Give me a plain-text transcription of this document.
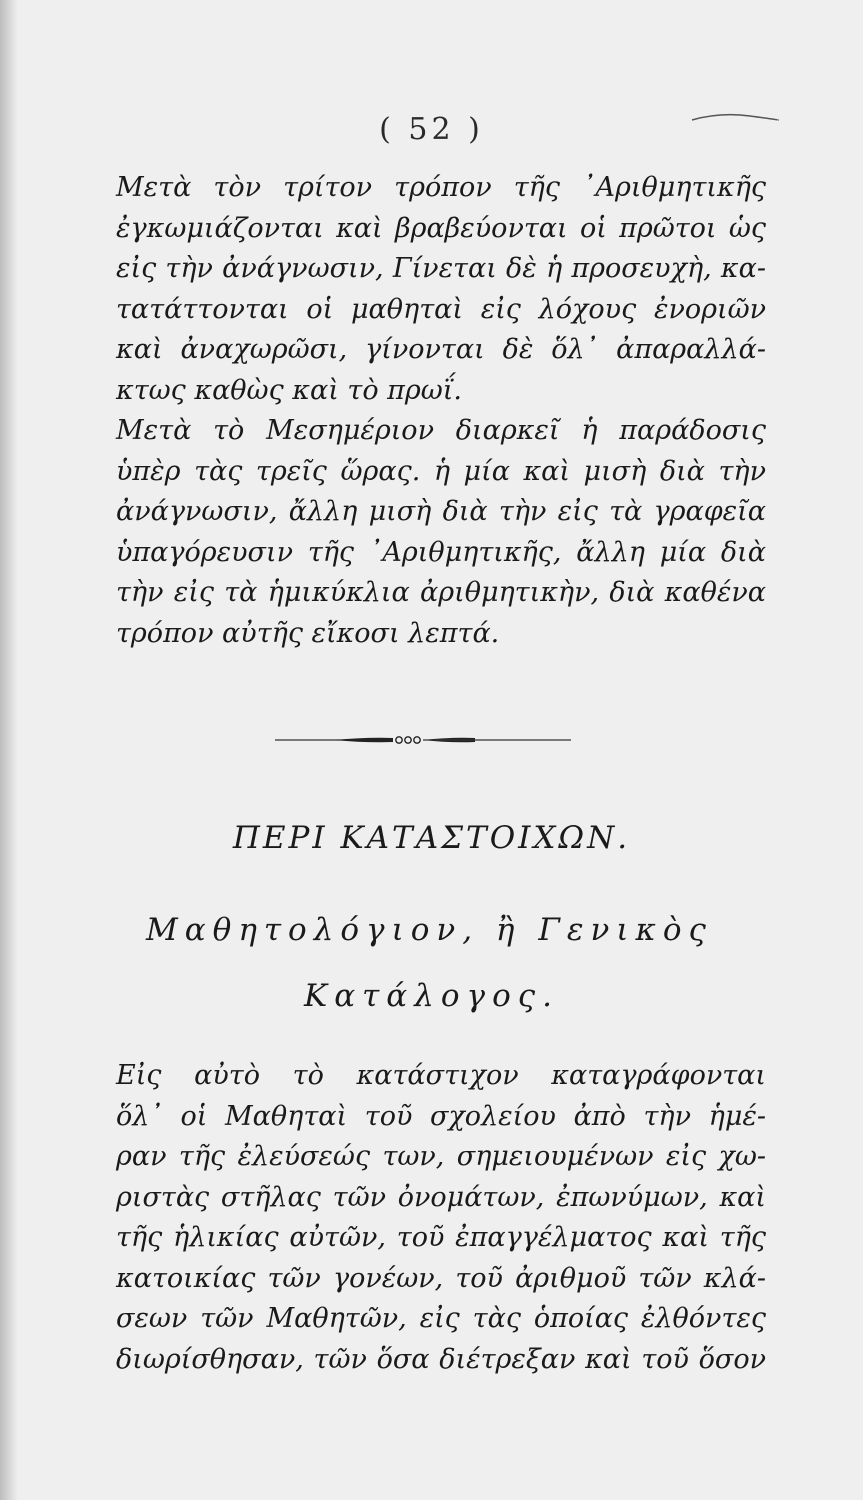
( 52 )

Μετὰ τὸν τρίτον τρόπον τῆς ᾿Αριθμητικῆς
ἐγκωμιάζονται καὶ βραβεύονται οἱ πρῶτοι ὡς
εἰς τὴν ἀνάγνωσιν, Γίνεται δὲ ἡ προσευχὴ, κα-
τατάττονται οἱ μαθηταὶ εἰς λόχους ἐνοριῶν
καὶ ἀναχωρῶσι, γίνονται δὲ ὅλ᾽ ἀπαραλλά-
κτως καθὼς καὶ τὸ πρωΐ.

Μετὰ τὸ Μεσημέριον διαρκεῖ ἡ παράδοσις
ὑπὲρ τὰς τρεῖς ὥρας. ἡ μία καὶ μισὴ διὰ τὴν
ἀνάγνωσιν, ἄλλη μισὴ διὰ τὴν εἰς τὰ γραφεῖα
ὑπαγόρευσιν τῆς ᾿Αριθμητικῆς, ἄλλη μία διὰ
τὴν εἰς τὰ ἡμικύκλια ἀριθμητικὴν, διὰ καθένα
τρόπον αὐτῆς εἴκοσι λεπτά.

ΠΕΡΙ ΚΑΤΑΣΤΟΙΧΩΝ.
Μαθητολόγιον, ἢ Γενικὸς
Κατάλογος.

Εἰς αὐτὸ τὸ κατάστιχον καταγράφονται
ὅλ᾽ οἱ Μαθηταὶ τοῦ σχολείου ἀπὸ τὴν ἡμέ-
ραν τῆς ἐλεύσεώς των, σημειουμένων εἰς χω-
ριστὰς στῆλας τῶν ὀνομάτων, ἐπωνύμων, καὶ
τῆς ἡλικίας αὐτῶν, τοῦ ἐπαγγέλματος καὶ τῆς
κατοικίας τῶν γονέων, τοῦ ἀριθμοῦ τῶν κλά-
σεων τῶν Μαθητῶν, εἰς τὰς ὁποίας ἐλθόντες
διωρίσθησαν, τῶν ὅσα διέτρεξαν καὶ τοῦ ὅσον
